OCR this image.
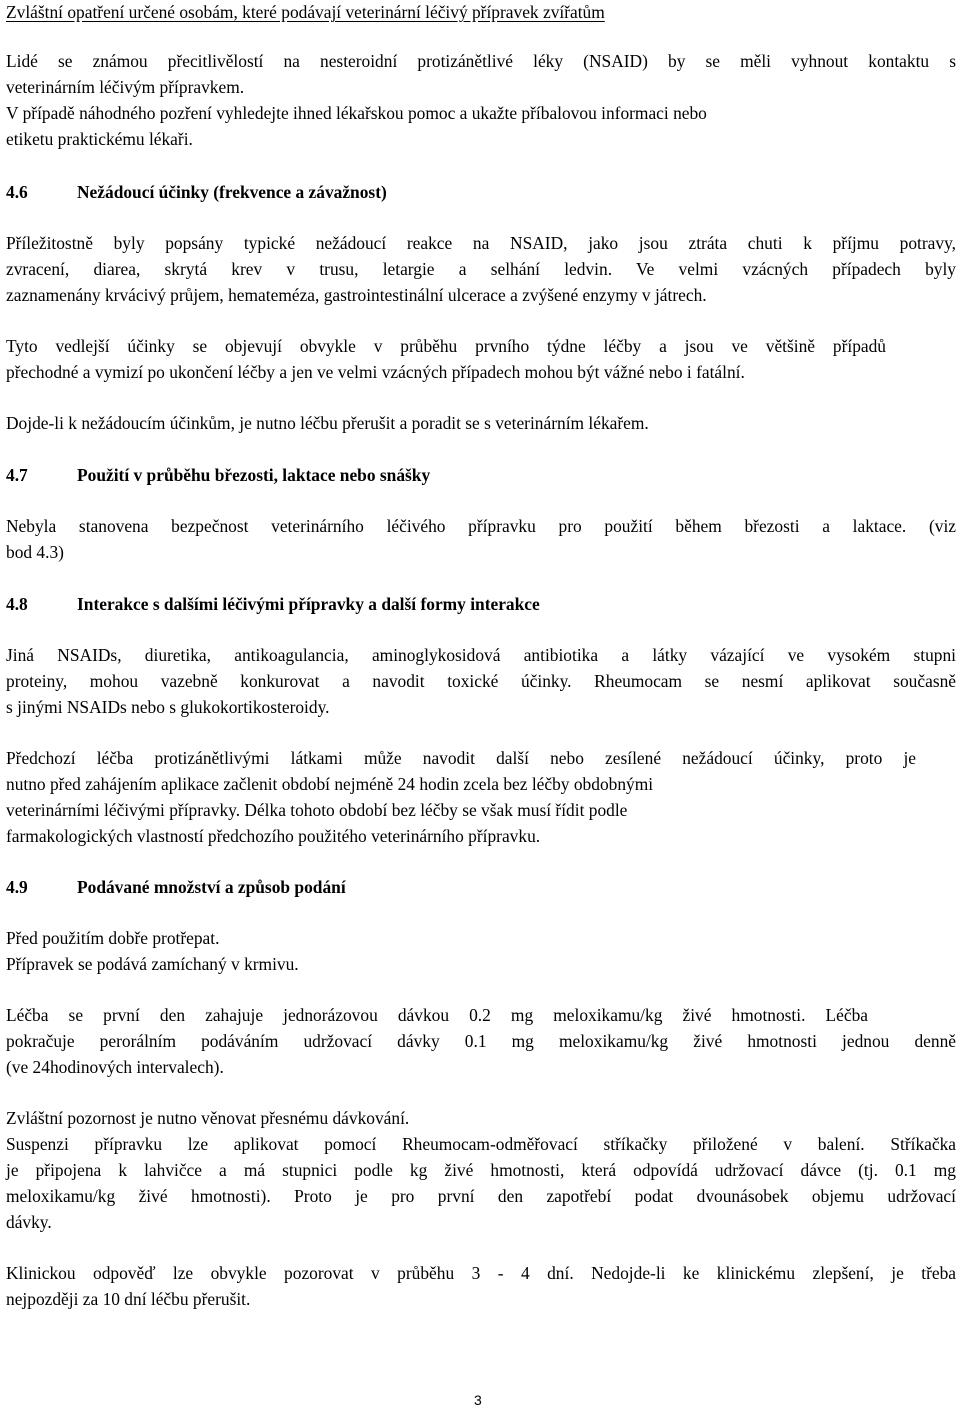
Zvláštní opatření určené osobám, které podávají veterinární léčivý přípravek zvířatům
Lidé se známou přecitlivělostí na nesteroidní protizánětlivé léky (NSAID) by se měli vyhnout kontaktu s
veterinárním léčivým přípravkem.
V případě náhodného pozření vyhledejte ihned lékařskou pomoc a ukažte příbalovou informaci nebo
etiketu praktickému lékaři.
4.6	Nežádoucí účinky (frekvence a závažnost)
Příležitostně byly popsány typické nežádoucí reakce na NSAID, jako jsou ztráta chuti k příjmu potravy,
zvracení, diarea, skrytá krev v trusu, letargie a selhání ledvin. Ve velmi vzácných případech byly
zaznamenány krvácivý průjem, hemateméza, gastrointestinální ulcerace a zvýšené enzymy v játrech.
Tyto vedlejší účinky se objevují obvykle v průběhu prvního týdne léčby a jsou ve většině případů
přechodné a vymizí po ukončení léčby a jen ve velmi vzácných případech mohou být vážné nebo i fatální.
Dojde-li k nežádoucím účinkům, je nutno léčbu přerušit a poradit se s veterinárním lékařem.
4.7	Použití v průběhu březosti, laktace nebo snášky
Nebyla stanovena bezpečnost veterinárního léčivého přípravku pro použití během březosti a laktace. (viz
bod 4.3)
4.8	Interakce s dalšími léčivými přípravky a další formy interakce
Jiná NSAIDs, diuretika, antikoagulancia, aminoglykosidová antibiotika a látky vázající ve vysokém stupni
proteiny, mohou vazebně konkurovat a navodit toxické účinky. Rheumocam se nesmí aplikovat současně
s jinými NSAIDs nebo s glukokortikosteroidy.
Předchozí léčba protizánětlivými látkami může navodit další nebo zesílené nežádoucí účinky, proto je
nutno před zahájením aplikace začlenit období nejméně 24 hodin zcela bez léčby obdobnými
veterinárními léčivými přípravky. Délka tohoto období bez léčby se však musí řídit podle
farmakologických vlastností předchozího použitého veterinárního přípravku.
4.9	Podávané množství a způsob podání
Před použitím dobře protřepat.
Přípravek se podává zamíchaný v krmivu.
Léčba se první den zahajuje jednorázovou dávkou 0.2 mg meloxikamu/kg živé hmotnosti. Léčba
pokračuje perorálním podáváním udržovací dávky 0.1 mg meloxikamu/kg živé hmotnosti jednou denně
(ve 24hodinových intervalech).
Zvláštní pozornost je nutno věnovat přesnému dávkování.
Suspenzi přípravku lze aplikovat pomocí Rheumocam-odměřovací stříkačky přiložené v balení. Stříkačka
je připojena k lahvičce a má stupnici podle kg živé hmotnosti, která odpovídá udržovací dávce (tj. 0.1 mg
meloxikamu/kg živé hmotnosti). Proto je pro první den zapotřebí podat dvounásobek objemu udržovací
dávky.
Klinickou odpověď lze obvykle pozorovat v průběhu 3 - 4 dní. Nedojde-li ke klinickému zlepšení, je třeba
nejpozději za 10 dní léčbu přerušit.
3
